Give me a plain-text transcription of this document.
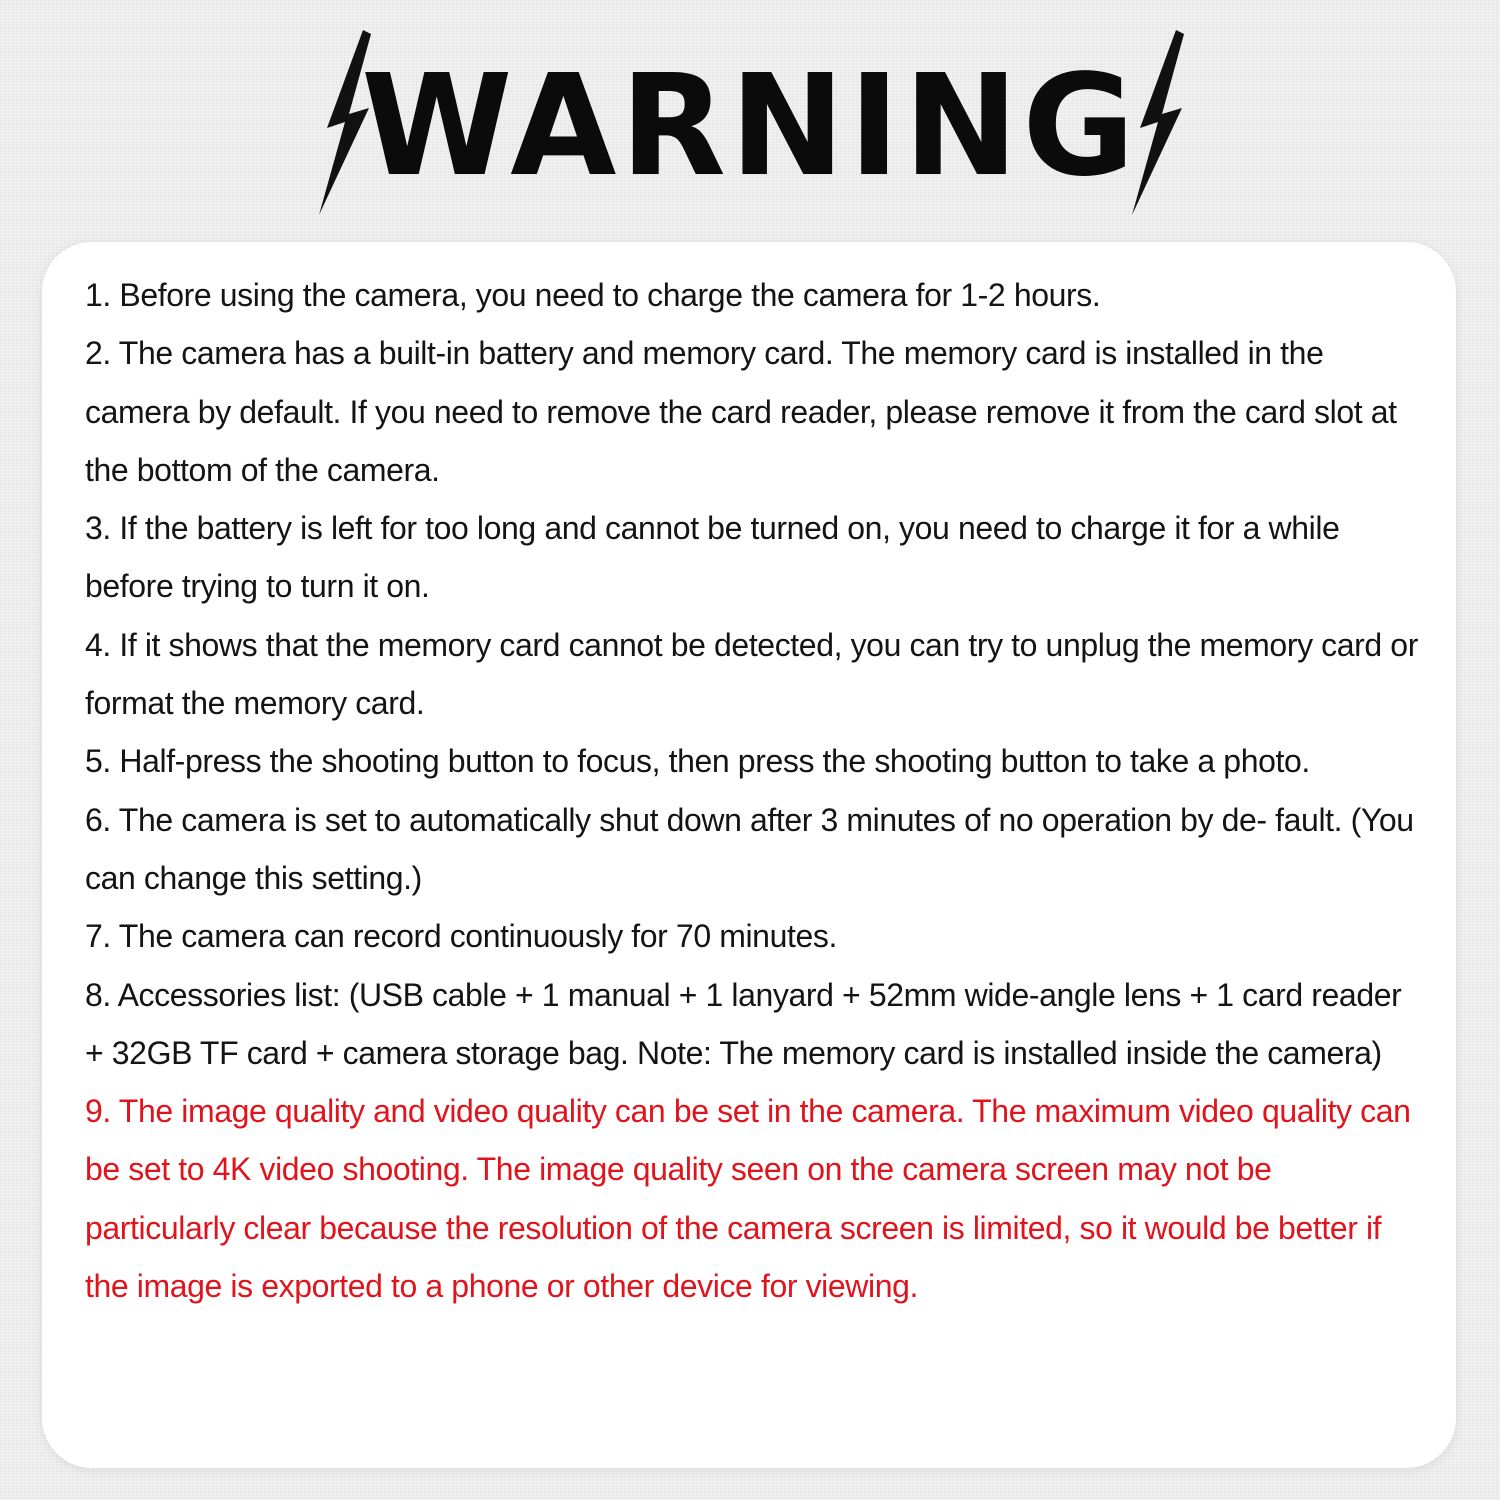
WARNING

1. Before using the camera, you need to charge the camera for 1-2 hours.

2. The camera has a built-in battery and memory card. The memory card is installed in the camera by default. If you need to remove the card reader, please remove it from the card slot at the bottom of the camera.

3. If the battery is left for too long and cannot be turned on, you need to charge it for a while before trying to turn it on.

4. If it shows that the memory card cannot be detected, you can try to unplug the memory card or format the memory card.

5. Half-press the shooting button to focus, then press the shooting button to take a photo.

6. The camera is set to automatically shut down after 3 minutes of no operation by de- fault. (You can change this setting.)

7. The camera can record continuously for 70 minutes.

8. Accessories list: (USB cable + 1 manual + 1 lanyard + 52mm wide-angle lens + 1 card reader + 32GB TF card + camera storage bag. Note: The memory card is installed inside the camera)

9. The image quality and video quality can be set in the camera. The maximum video quality can be set to 4K video shooting. The image quality seen on the camera screen may not be particularly clear because the resolution of the camera screen is limited, so it would be better if the image is exported to a phone or other device for viewing.
